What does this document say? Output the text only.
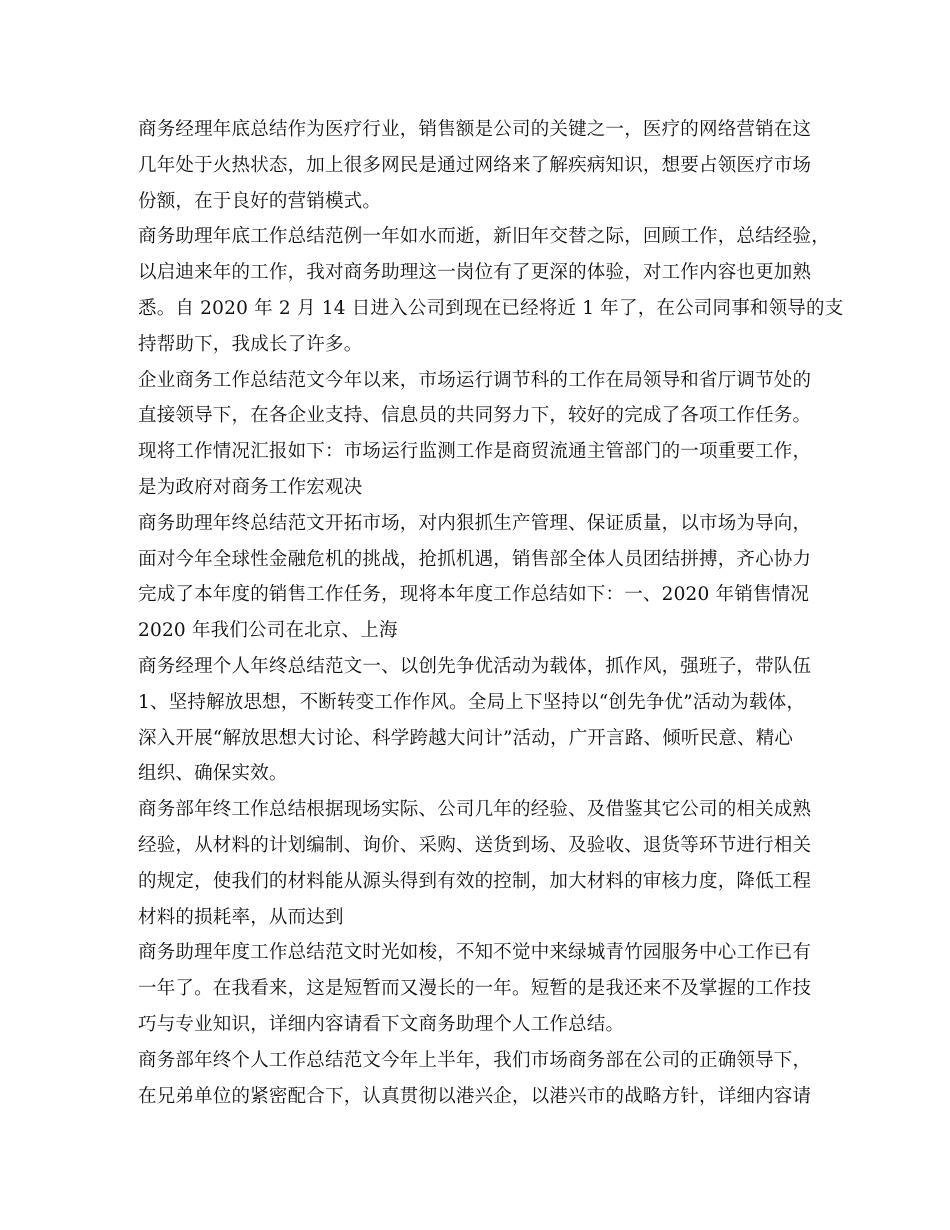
商务经理年底总结作为医疗行业，销售额是公司的关键之一，医疗的网络营销在这
几年处于火热状态，加上很多网民是通过网络来了解疾病知识，想要占领医疗市场
份额，在于良好的营销模式。
商务助理年底工作总结范例一年如水而逝，新旧年交替之际，回顾工作，总结经验，
以启迪来年的工作，我对商务助理这一岗位有了更深的体验，对工作内容也更加熟
悉。自 2020 年 2 月 14 日进入公司到现在已经将近 1 年了，在公司同事和领导的支
持帮助下，我成长了许多。
企业商务工作总结范文今年以来，市场运行调节科的工作在局领导和省厅调节处的
直接领导下，在各企业支持、信息员的共同努力下，较好的完成了各项工作任务。
现将工作情况汇报如下：市场运行监测工作是商贸流通主管部门的一项重要工作，
是为政府对商务工作宏观决
商务助理年终总结范文开拓市场，对内狠抓生产管理、保证质量，以市场为导向，
面对今年全球性金融危机的挑战，抢抓机遇，销售部全体人员团结拼搏，齐心协力
完成了本年度的销售工作任务，现将本年度工作总结如下：一、2020 年销售情况
2020 年我们公司在北京、上海
商务经理个人年终总结范文一、以创先争优活动为载体，抓作风，强班子，带队伍
1、坚持解放思想，不断转变工作作风。全局上下坚持以“创先争优”活动为载体，
深入开展“解放思想大讨论、科学跨越大问计”活动，广开言路、倾听民意、精心
组织、确保实效。
商务部年终工作总结根据现场实际、公司几年的经验、及借鉴其它公司的相关成熟
经验，从材料的计划编制、询价、采购、送货到场、及验收、退货等环节进行相关
的规定，使我们的材料能从源头得到有效的控制，加大材料的审核力度，降低工程
材料的损耗率，从而达到
商务助理年度工作总结范文时光如梭，不知不觉中来绿城青竹园服务中心工作已有
一年了。在我看来，这是短暂而又漫长的一年。短暂的是我还来不及掌握的工作技
巧与专业知识，详细内容请看下文商务助理个人工作总结。
商务部年终个人工作总结范文今年上半年，我们市场商务部在公司的正确领导下，
在兄弟单位的紧密配合下，认真贯彻以港兴企，以港兴市的战略方针，详细内容请
